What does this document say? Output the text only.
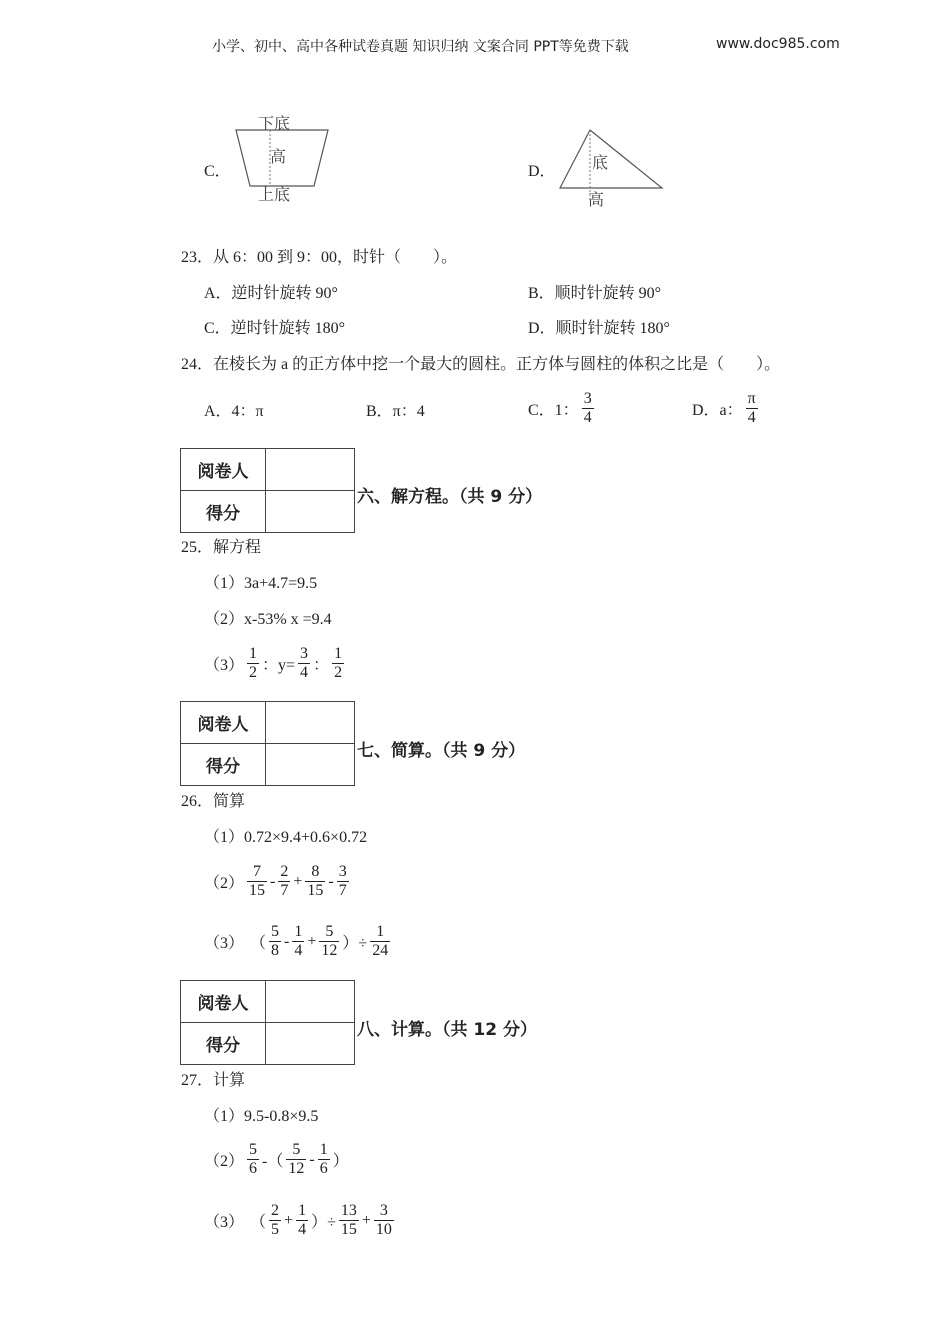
小学、初中、高中各种试卷真题 知识归纳 文案合同 PPT等免费下载	www.doc985.com
C．
下底
高
上底
D． 底
高
23．从 6：00 到 9：00，时针（　　）。
A．逆时针旋转 90°	B．顺时针旋转 90°
C．逆时针旋转 180°	D．顺时针旋转 180°
24．在棱长为 a 的正方体中挖一个最大的圆柱。正方体与圆柱的体积之比是（　　）。
A．4：π	B．π：4	C．1： $\frac{3}{4}$	D．a： $\frac{\pi}{4}$
阅卷人	
得分	
六、解方程。（共 9 分）
25．解方程
（1）3a+4.7=9.5
（2）x-53% x =9.4
$(3) \frac{1}{2}$ ：$y= \frac{3}{4}$ ： $\frac{1}{2}$
阅卷人	
得分	
七、简算。（共 9 分）
26．简算
（1）0.72×9.4+0.6×0.72
$(2) \frac{7}{15} - \frac{2}{7} + \frac{8}{15} - \frac{3}{7}$
（3） （ $\frac{5}{8} - \frac{1}{4} + \frac{5}{12}$ ）÷ $\frac{1}{24}$
阅卷人	
得分	
八、计算。（共 12 分）
27．计算
（1）9.5-0.8×9.5
$(2) \frac{5}{6}$ -（ $\frac{5}{12} - \frac{1}{6}$ ）
（3） （ $\frac{2}{5} + \frac{1}{4}$ ）÷ $\frac{13}{15} + \frac{3}{10}$
